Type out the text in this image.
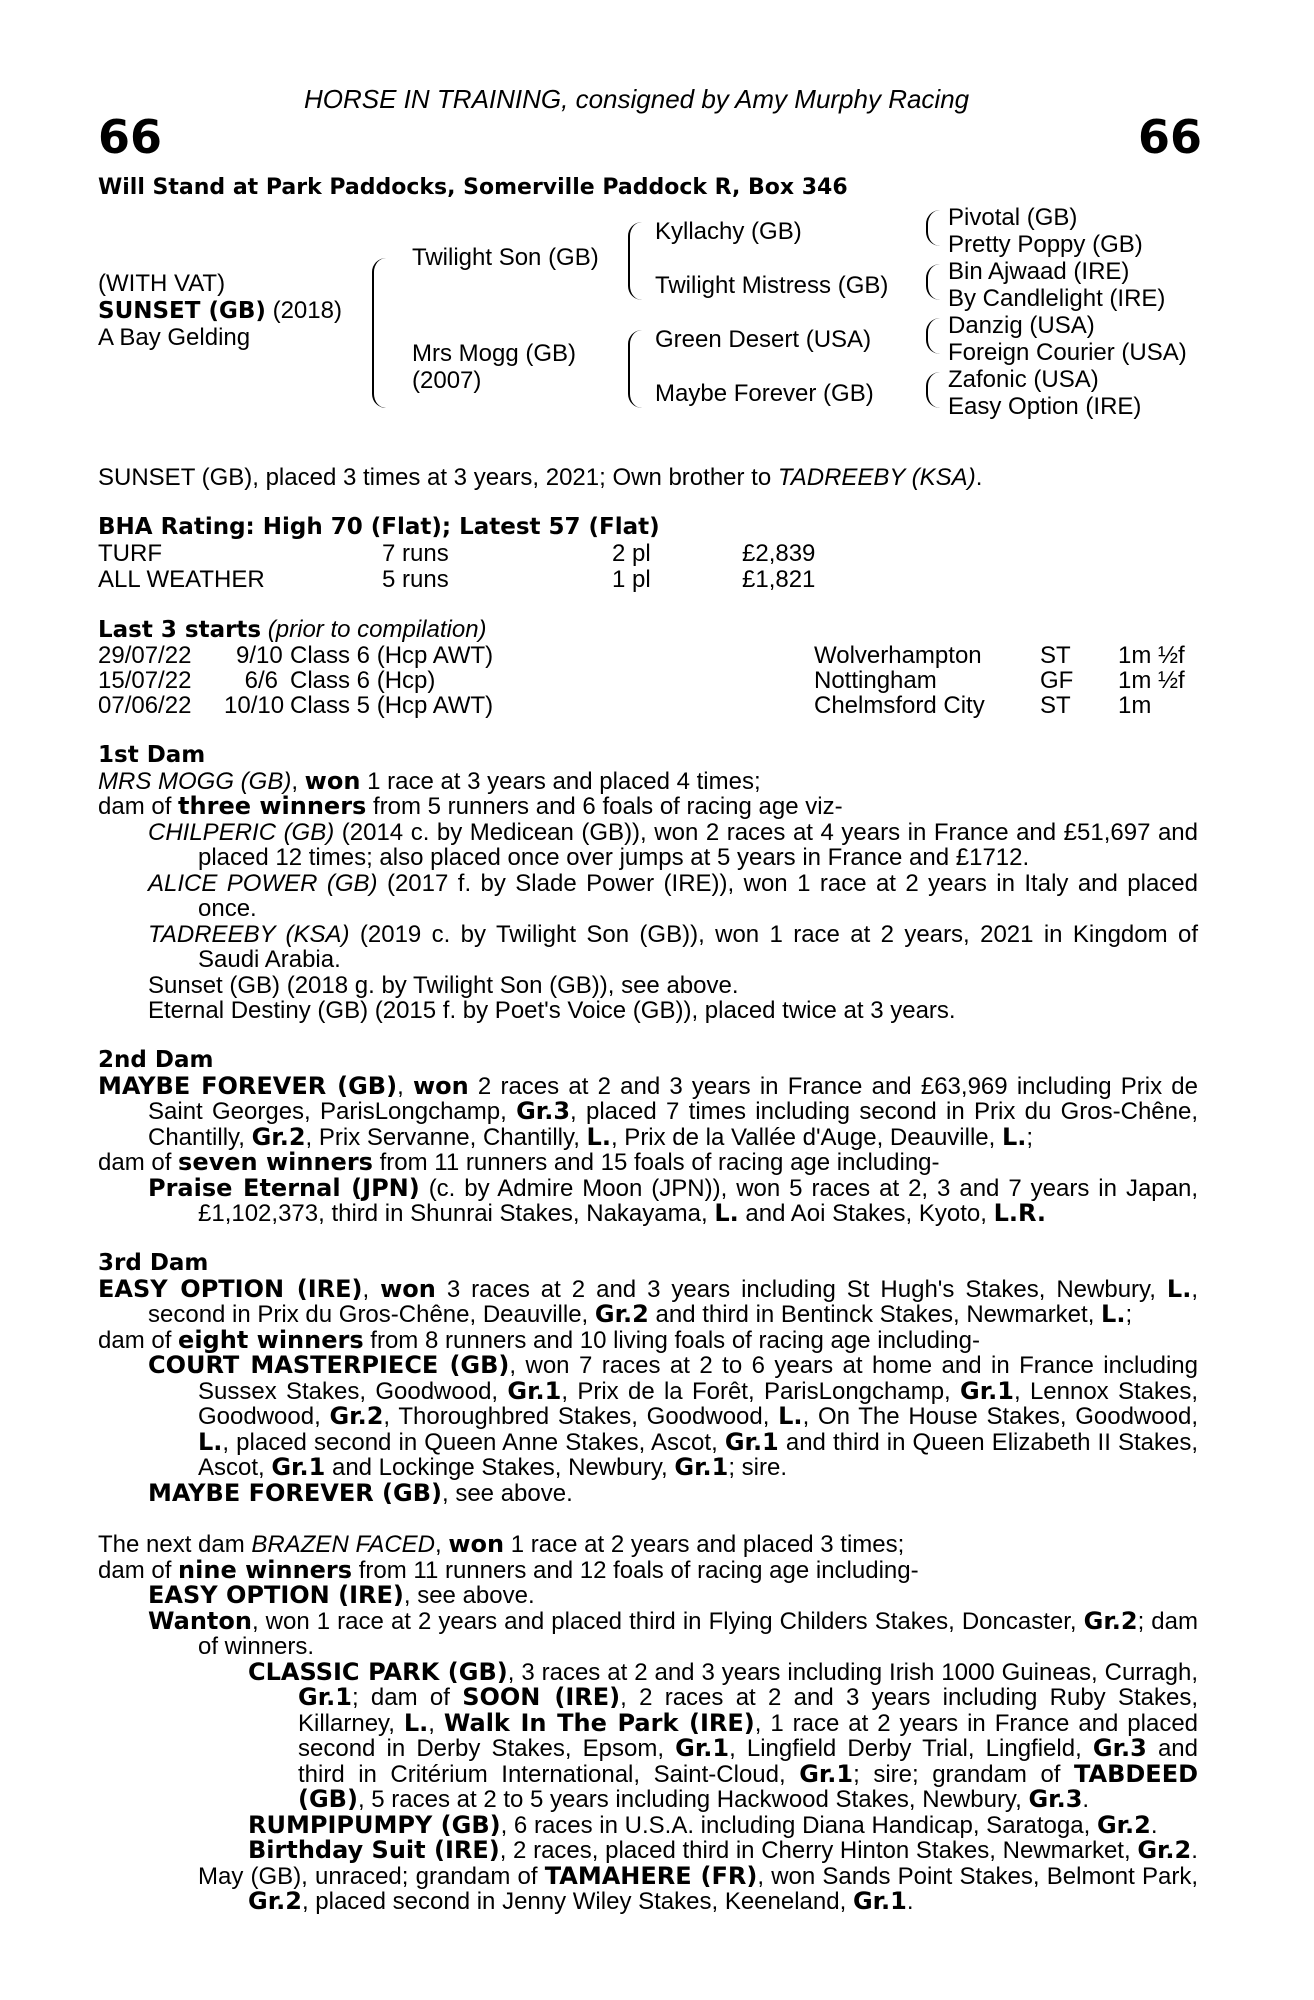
HORSE IN TRAINING, consigned by Amy Murphy Racing
66	66
Will Stand at Park Paddocks, Somerville Paddock R, Box 346
(WITH VAT)
SUNSET (GB) (2018)
A Bay Gelding
Twilight Son (GB)
Mrs Mogg (GB)
(2007)
Kyllachy (GB)
Twilight Mistress (GB)
Green Desert (USA)
Maybe Forever (GB)
Pivotal (GB)
Pretty Poppy (GB)
Bin Ajwaad (IRE)
By Candlelight (IRE)
Danzig (USA)
Foreign Courier (USA)
Zafonic (USA)
Easy Option (IRE)
SUNSET (GB), placed 3 times at 3 years, 2021; Own brother to TADREEBY (KSA).
BHA Rating: High 70 (Flat); Latest 57 (Flat)
TURF	7 runs	2 pl	£2,839
ALL WEATHER	5 runs	1 pl	£1,821
Last 3 starts (prior to compilation)
29/07/22 9/10 Class 6 (Hcp AWT)	Wolverhampton ST 1m ½f
15/07/22	6/6 Class 6 (Hcp)	Nottingham	GF 1m ½f
07/06/22 10/10 Class 5 (Hcp AWT)	Chelmsford City ST 1m
1st Dam
MRS MOGG (GB), won 1 race at 3 years and placed 4 times;
dam of three winners from 5 runners and 6 foals of racing age viz-
CHILPERIC (GB) (2014 c. by Medicean (GB)), won 2 races at 4 years in France and £51,697 and placed 12 times; also placed once over jumps at 5 years in France and £1712.
ALICE POWER (GB) (2017 f. by Slade Power (IRE)), won 1 race at 2 years in Italy and placed once.
TADREEBY (KSA) (2019 c. by Twilight Son (GB)), won 1 race at 2 years, 2021 in Kingdom of Saudi Arabia.
Sunset (GB) (2018 g. by Twilight Son (GB)), see above.
Eternal Destiny (GB) (2015 f. by Poet's Voice (GB)), placed twice at 3 years.
2nd Dam
MAYBE FOREVER (GB), won 2 races at 2 and 3 years in France and £63,969 including Prix de Saint Georges, ParisLongchamp, Gr.3, placed 7 times including second in Prix du Gros-Chêne, Chantilly, Gr.2, Prix Servanne, Chantilly, L., Prix de la Vallée d'Auge, Deauville, L.;
dam of seven winners from 11 runners and 15 foals of racing age including-
Praise Eternal (JPN) (c. by Admire Moon (JPN)), won 5 races at 2, 3 and 7 years in Japan, £1,102,373, third in Shunrai Stakes, Nakayama, L. and Aoi Stakes, Kyoto, L.R.
3rd Dam
EASY OPTION (IRE), won 3 races at 2 and 3 years including St Hugh's Stakes, Newbury, L., second in Prix du Gros-Chêne, Deauville, Gr.2 and third in Bentinck Stakes, Newmarket, L.;
dam of eight winners from 8 runners and 10 living foals of racing age including-
COURT MASTERPIECE (GB), won 7 races at 2 to 6 years at home and in France including Sussex Stakes, Goodwood, Gr.1, Prix de la Forêt, ParisLongchamp, Gr.1, Lennox Stakes, Goodwood, Gr.2, Thoroughbred Stakes, Goodwood, L., On The House Stakes, Goodwood, L., placed second in Queen Anne Stakes, Ascot, Gr.1 and third in Queen Elizabeth II Stakes, Ascot, Gr.1 and Lockinge Stakes, Newbury, Gr.1; sire.
MAYBE FOREVER (GB), see above.
The next dam BRAZEN FACED, won 1 race at 2 years and placed 3 times;
dam of nine winners from 11 runners and 12 foals of racing age including-
EASY OPTION (IRE), see above.
Wanton, won 1 race at 2 years and placed third in Flying Childers Stakes, Doncaster, Gr.2; dam of winners.
CLASSIC PARK (GB), 3 races at 2 and 3 years including Irish 1000 Guineas, Curragh, Gr.1; dam of SOON (IRE), 2 races at 2 and 3 years including Ruby Stakes, Killarney, L., Walk In The Park (IRE), 1 race at 2 years in France and placed second in Derby Stakes, Epsom, Gr.1, Lingfield Derby Trial, Lingfield, Gr.3 and third in Critérium International, Saint-Cloud, Gr.1; sire; grandam of TABDEED (GB), 5 races at 2 to 5 years including Hackwood Stakes, Newbury, Gr.3.
RUMPIPUMPY (GB), 6 races in U.S.A. including Diana Handicap, Saratoga, Gr.2.
Birthday Suit (IRE), 2 races, placed third in Cherry Hinton Stakes, Newmarket, Gr.2.
May (GB), unraced; grandam of TAMAHERE (FR), won Sands Point Stakes, Belmont Park, Gr.2, placed second in Jenny Wiley Stakes, Keeneland, Gr.1.
